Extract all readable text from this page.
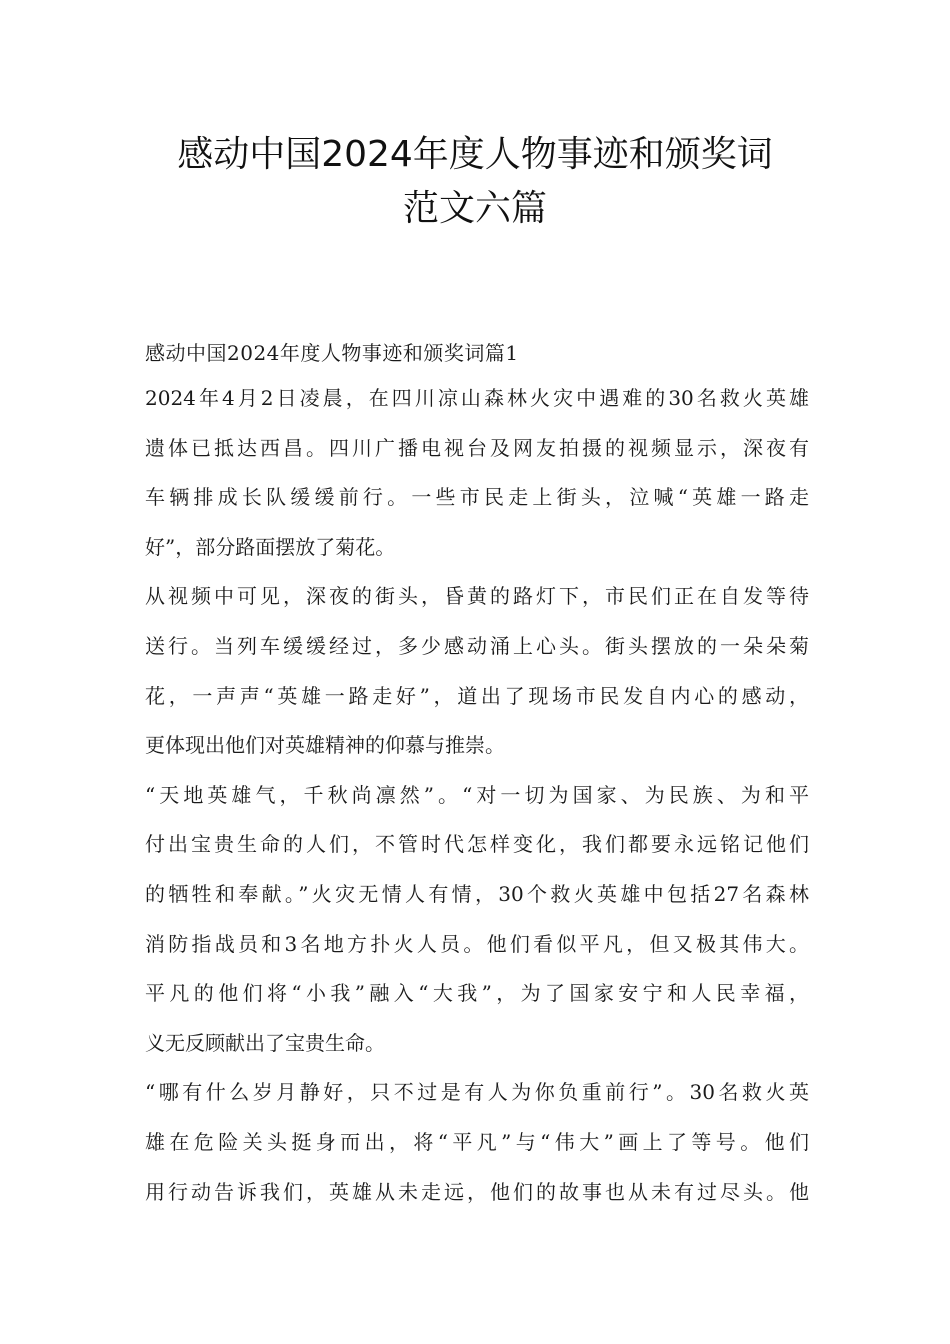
感动中国2024年度人物事迹和颁奖词
范文六篇
感动中国2024年度人物事迹和颁奖词篇1

2024年4月2日凌晨，在四川凉山森林火灾中遇难的30名救火英雄
遗体已抵达西昌。四川广播电视台及网友拍摄的视频显示，深夜有
车辆排成长队缓缓前行。一些市民走上街头，泣喊“英雄一路走
好”，部分路面摆放了菊花。

从视频中可见，深夜的街头，昏黄的路灯下，市民们正在自发等待
送行。当列车缓缓经过，多少感动涌上心头。街头摆放的一朵朵菊
花，一声声“英雄一路走好”，道出了现场市民发自内心的感动，
更体现出他们对英雄精神的仰慕与推崇。

“天地英雄气，千秋尚凛然”。“对一切为国家、为民族、为和平
付出宝贵生命的人们，不管时代怎样变化，我们都要永远铭记他们
的牺牲和奉献。”火灾无情人有情，30个救火英雄中包括27名森林
消防指战员和3名地方扑火人员。他们看似平凡，但又极其伟大。
平凡的他们将“小我”融入“大我”，为了国家安宁和人民幸福，
义无反顾献出了宝贵生命。

“哪有什么岁月静好，只不过是有人为你负重前行”。30名救火英
雄在危险关头挺身而出，将“平凡”与“伟大”画上了等号。他们
用行动告诉我们，英雄从未走远，他们的故事也从未有过尽头。他
